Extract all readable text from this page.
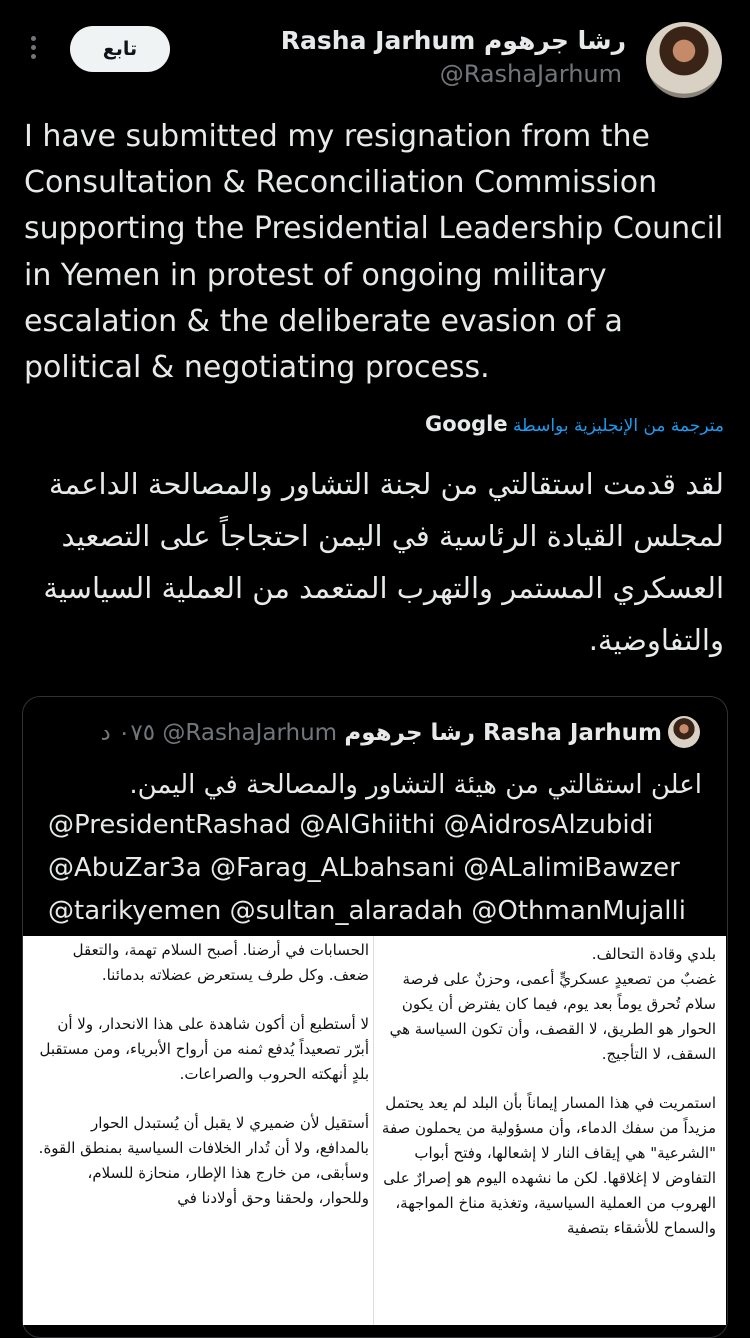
تابع	Rasha Jarhum رشا جرهوم
@RashaJarhum

I have submitted my resignation from the Consultation & Reconciliation Commission supporting the Presidential Leadership Council in Yemen in protest of ongoing military escalation & the deliberate evasion of a political & negotiating process.

مترجمة من الإنجليزية بواسطة Google

لقد قدمت استقالتي من لجنة التشاور والمصالحة الداعمة لمجلس القيادة الرئاسية في اليمن احتجاجاً على التصعيد العسكري المستمر والتهرب المتعمد من العملية السياسية والتفاوضية.

Rasha Jarhum رشا جرهوم @RashaJarhum ٠٧٥ د

اعلن استقالتي من هيئة التشاور والمصالحة في اليمن.

@PresidentRashad @AlGhiithi @AidrosAlzubidi @AbuZar3a @Farag_ALbahsani @ALalimiBawzer @tarikyemen @sultan_alaradah @OthmanMujalli

بلدي وقادة التحالف.
غضبٌ من تصعيدٍ عسكريٍّ أعمى، وحزنٌ على فرصة سلام تُحرق يوماً بعد يوم، فيما كان يفترض أن يكون الحوار هو الطريق، لا القصف، وأن تكون السياسة هي السقف، لا التأجيج.

استمريت في هذا المسار إيماناً بأن البلد لم يعد يحتمل مزيداً من سفك الدماء، وأن مسؤولية من يحملون صفة "الشرعية" هي إيقاف النار لا إشعالها، وفتح أبواب التفاوض لا إغلاقها. لكن ما نشهده اليوم هو إصرارٌ على الهروب من العملية السياسية، وتغذية مناخ المواجهة، والسماح للأشقاء بتصفية

الحسابات في أرضنا. أصبح السلام تهمة، والتعقل ضعف. وكل طرف يستعرض عضلاته بدمائنا.

لا أستطيع أن أكون شاهدة على هذا الانحدار، ولا أن أبرّر تصعيداً يُدفع ثمنه من أرواح الأبرياء، ومن مستقبل بلدٍ أنهكته الحروب والصراعات.

أستقيل لأن ضميري لا يقبل أن يُستبدل الحوار بالمدافع، ولا أن تُدار الخلافات السياسية بمنطق القوة.
وسأبقى، من خارج هذا الإطار، منحازة للسلام، وللحوار، ولحقنا وحق أولادنا في
